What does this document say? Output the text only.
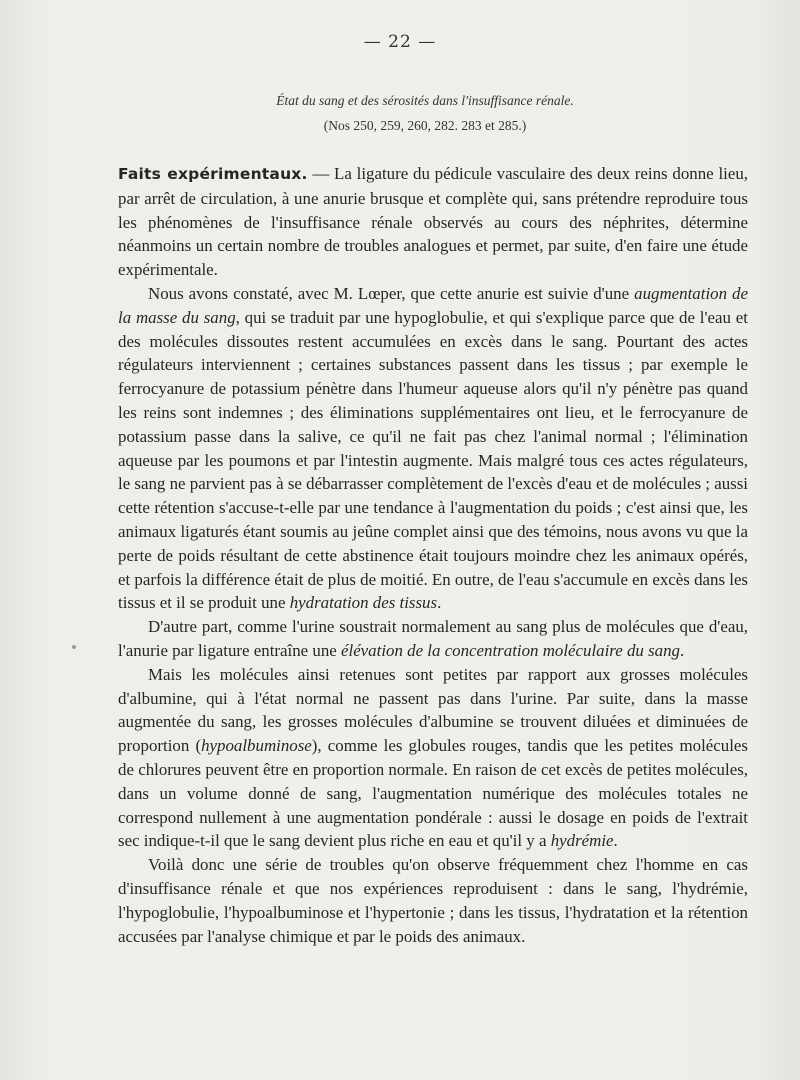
— 22 —
État du sang et des sérosités dans l'insuffisance rénale.
(Nos 250, 259, 260, 282. 283 et 285.)

Faits expérimentaux. — La ligature du pédicule vasculaire des deux reins donne lieu, par arrêt de circulation, à une anurie brusque et complète qui, sans prétendre reproduire tous les phénomènes de l'insuffisance rénale observés au cours des néphrites, détermine néanmoins un certain nombre de troubles analogues et permet, par suite, d'en faire une étude expérimentale.

Nous avons constaté, avec M. Lœper, que cette anurie est suivie d'une augmentation de la masse du sang, qui se traduit par une hypoglobulie, et qui s'explique parce que de l'eau et des molécules dissoutes restent accumulées en excès dans le sang. Pourtant des actes régulateurs interviennent ; certaines substances passent dans les tissus ; par exemple le ferrocyanure de potassium pénètre dans l'humeur aqueuse alors qu'il n'y pénètre pas quand les reins sont indemnes ; des éliminations supplémentaires ont lieu, et le ferrocyanure de potassium passe dans la salive, ce qu'il ne fait pas chez l'animal normal ; l'élimination aqueuse par les poumons et par l'intestin augmente. Mais malgré tous ces actes régulateurs, le sang ne parvient pas à se débarrasser complètement de l'excès d'eau et de molécules ; aussi cette rétention s'accuse-t-elle par une tendance à l'augmentation du poids ; c'est ainsi que, les animaux ligaturés étant soumis au jeûne complet ainsi que des témoins, nous avons vu que la perte de poids résultant de cette abstinence était toujours moindre chez les animaux opérés, et parfois la différence était de plus de moitié. En outre, de l'eau s'accumule en excès dans les tissus et il se produit une hydratation des tissus.

D'autre part, comme l'urine soustrait normalement au sang plus de molécules que d'eau, l'anurie par ligature entraîne une élévation de la concentration moléculaire du sang.

Mais les molécules ainsi retenues sont petites par rapport aux grosses molécules d'albumine, qui à l'état normal ne passent pas dans l'urine. Par suite, dans la masse augmentée du sang, les grosses molécules d'albumine se trouvent diluées et diminuées de proportion (hypoalbuminose), comme les globules rouges, tandis que les petites molécules de chlorures peuvent être en proportion normale. En raison de cet excès de petites molécules, dans un volume donné de sang, l'augmentation numérique des molécules totales ne correspond nullement à une augmentation pondérale : aussi le dosage en poids de l'extrait sec indique-t-il que le sang devient plus riche en eau et qu'il y a hydrémie.

Voilà donc une série de troubles qu'on observe fréquemment chez l'homme en cas d'insuffisance rénale et que nos expériences reproduisent : dans le sang, l'hydrémie, l'hypoglobulie, l'hypoalbuminose et l'hypertonie ; dans les tissus, l'hydratation et la rétention accusées par l'analyse chimique et par le poids des animaux.
